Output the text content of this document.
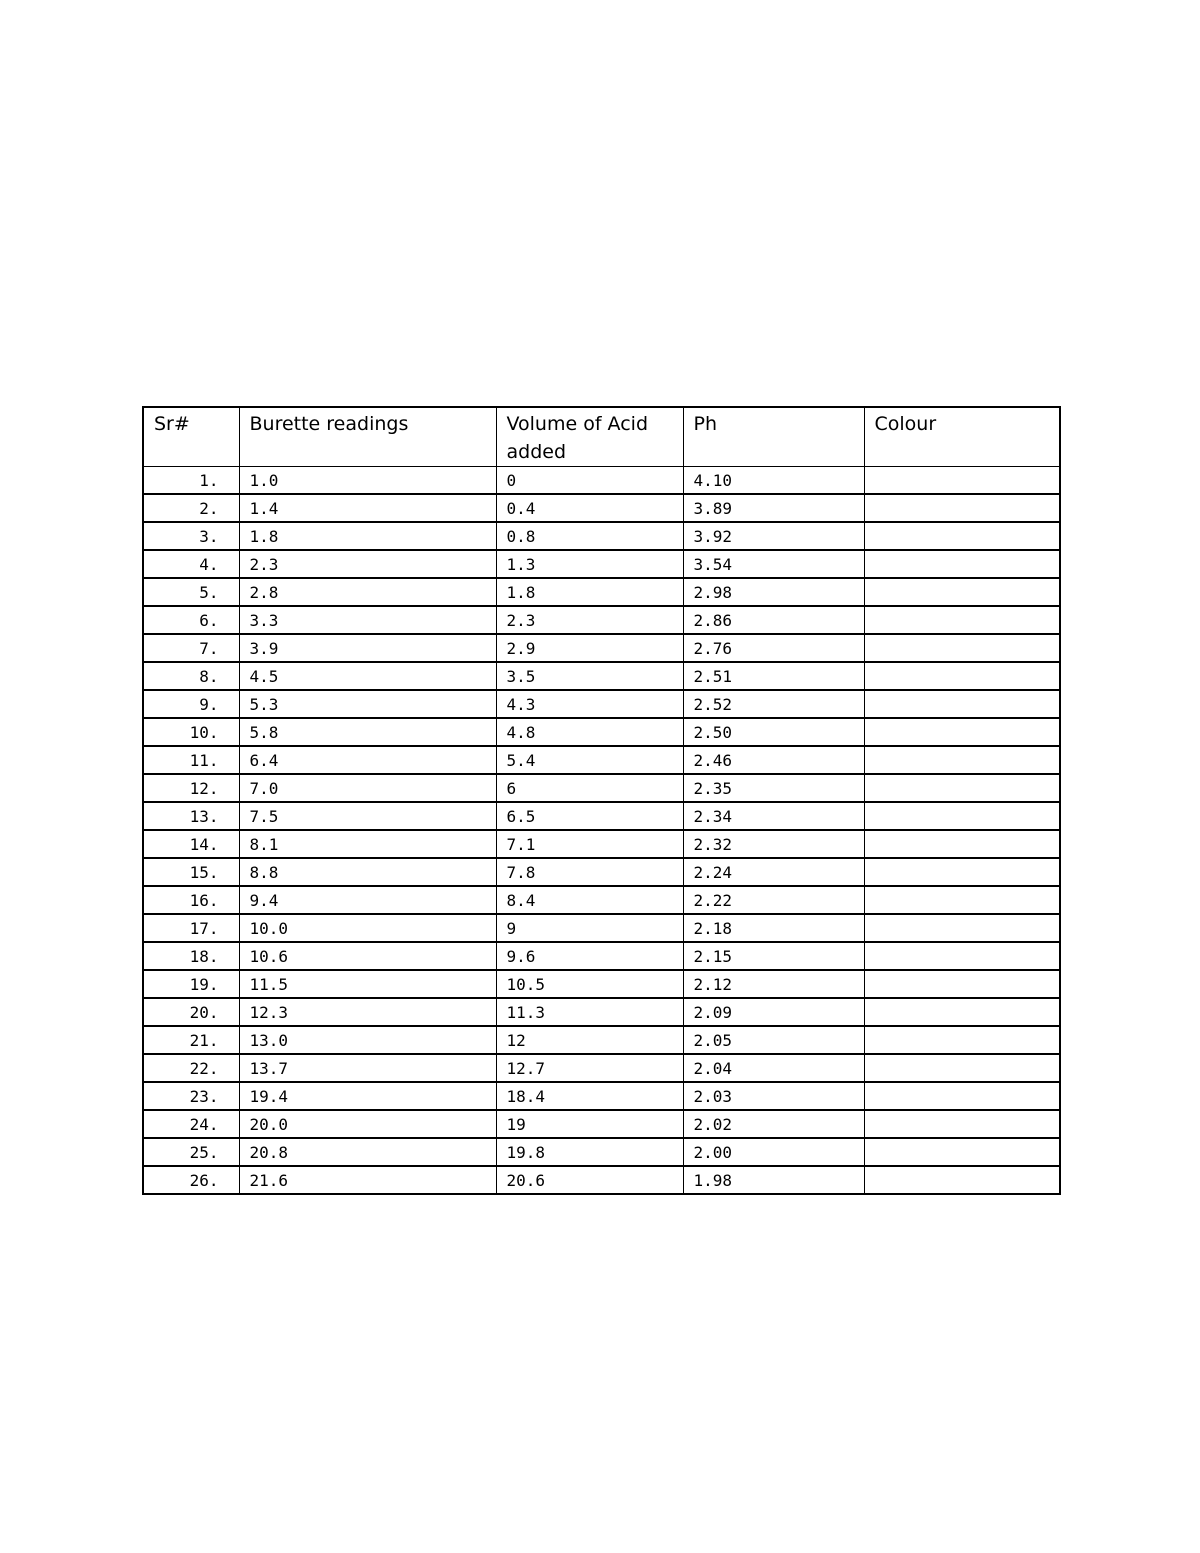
Sr#	Burette readings	Volume of Acid added	Ph	Colour
1.	1.0	0	4.10	
2.	1.4	0.4	3.89	
3.	1.8	0.8	3.92	
4.	2.3	1.3	3.54	
5.	2.8	1.8	2.98	
6.	3.3	2.3	2.86	
7.	3.9	2.9	2.76	
8.	4.5	3.5	2.51	
9.	5.3	4.3	2.52	
10.	5.8	4.8	2.50	
11.	6.4	5.4	2.46	
12.	7.0	6	2.35	
13.	7.5	6.5	2.34	
14.	8.1	7.1	2.32	
15.	8.8	7.8	2.24	
16.	9.4	8.4	2.22	
17.	10.0	9	2.18	
18.	10.6	9.6	2.15	
19.	11.5	10.5	2.12	
20.	12.3	11.3	2.09	
21.	13.0	12	2.05	
22.	13.7	12.7	2.04	
23.	19.4	18.4	2.03	
24.	20.0	19	2.02	
25.	20.8	19.8	2.00	
26.	21.6	20.6	1.98	
